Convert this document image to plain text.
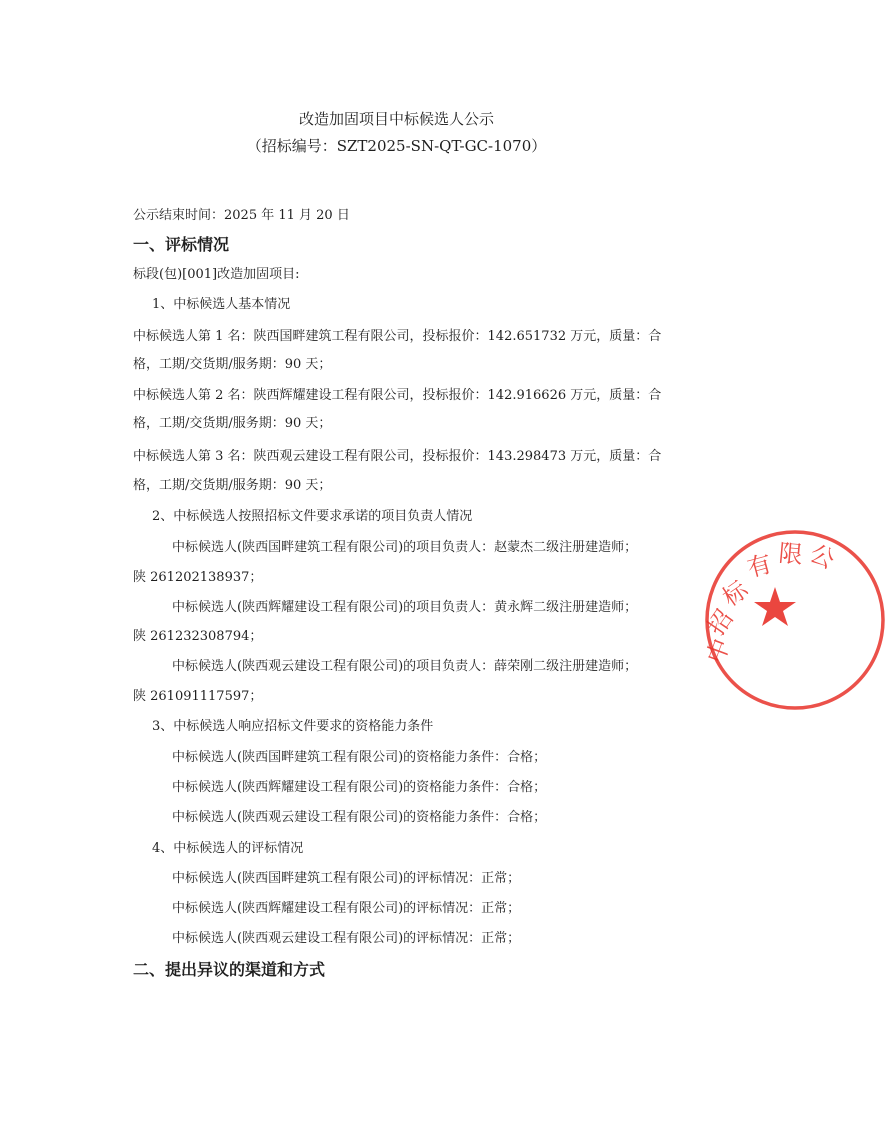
改造加固项目中标候选人公示
（招标编号：SZT2025-SN-QT-GC-1070）
公示结束时间：2025 年 11 月 20 日
一、评标情况
标段(包)[001]改造加固项目:
1、中标候选人基本情况
中标候选人第 1 名：陕西国畔建筑工程有限公司，投标报价：142.651732 万元，质量：合
格，工期/交货期/服务期：90 天；
中标候选人第 2 名：陕西辉耀建设工程有限公司，投标报价：142.916626 万元，质量：合
格，工期/交货期/服务期：90 天；
中标候选人第 3 名：陕西观云建设工程有限公司，投标报价：143.298473 万元，质量：合
格，工期/交货期/服务期：90 天；
2、中标候选人按照招标文件要求承诺的项目负责人情况
中标候选人(陕西国畔建筑工程有限公司)的项目负责人：赵蒙杰二级注册建造师；
陕 261202138937；
中标候选人(陕西辉耀建设工程有限公司)的项目负责人：黄永辉二级注册建造师；
陕 261232308794；
中标候选人(陕西观云建设工程有限公司)的项目负责人：薛荣刚二级注册建造师；
陕 261091117597；
3、中标候选人响应招标文件要求的资格能力条件
中标候选人(陕西国畔建筑工程有限公司)的资格能力条件：合格；
中标候选人(陕西辉耀建设工程有限公司)的资格能力条件：合格；
中标候选人(陕西观云建设工程有限公司)的资格能力条件：合格；
4、中标候选人的评标情况
中标候选人(陕西国畔建筑工程有限公司)的评标情况：正常；
中标候选人(陕西辉耀建设工程有限公司)的评标情况：正常；
中标候选人(陕西观云建设工程有限公司)的评标情况：正常；
二、提出异议的渠道和方式
中
招
标
有 限 公
